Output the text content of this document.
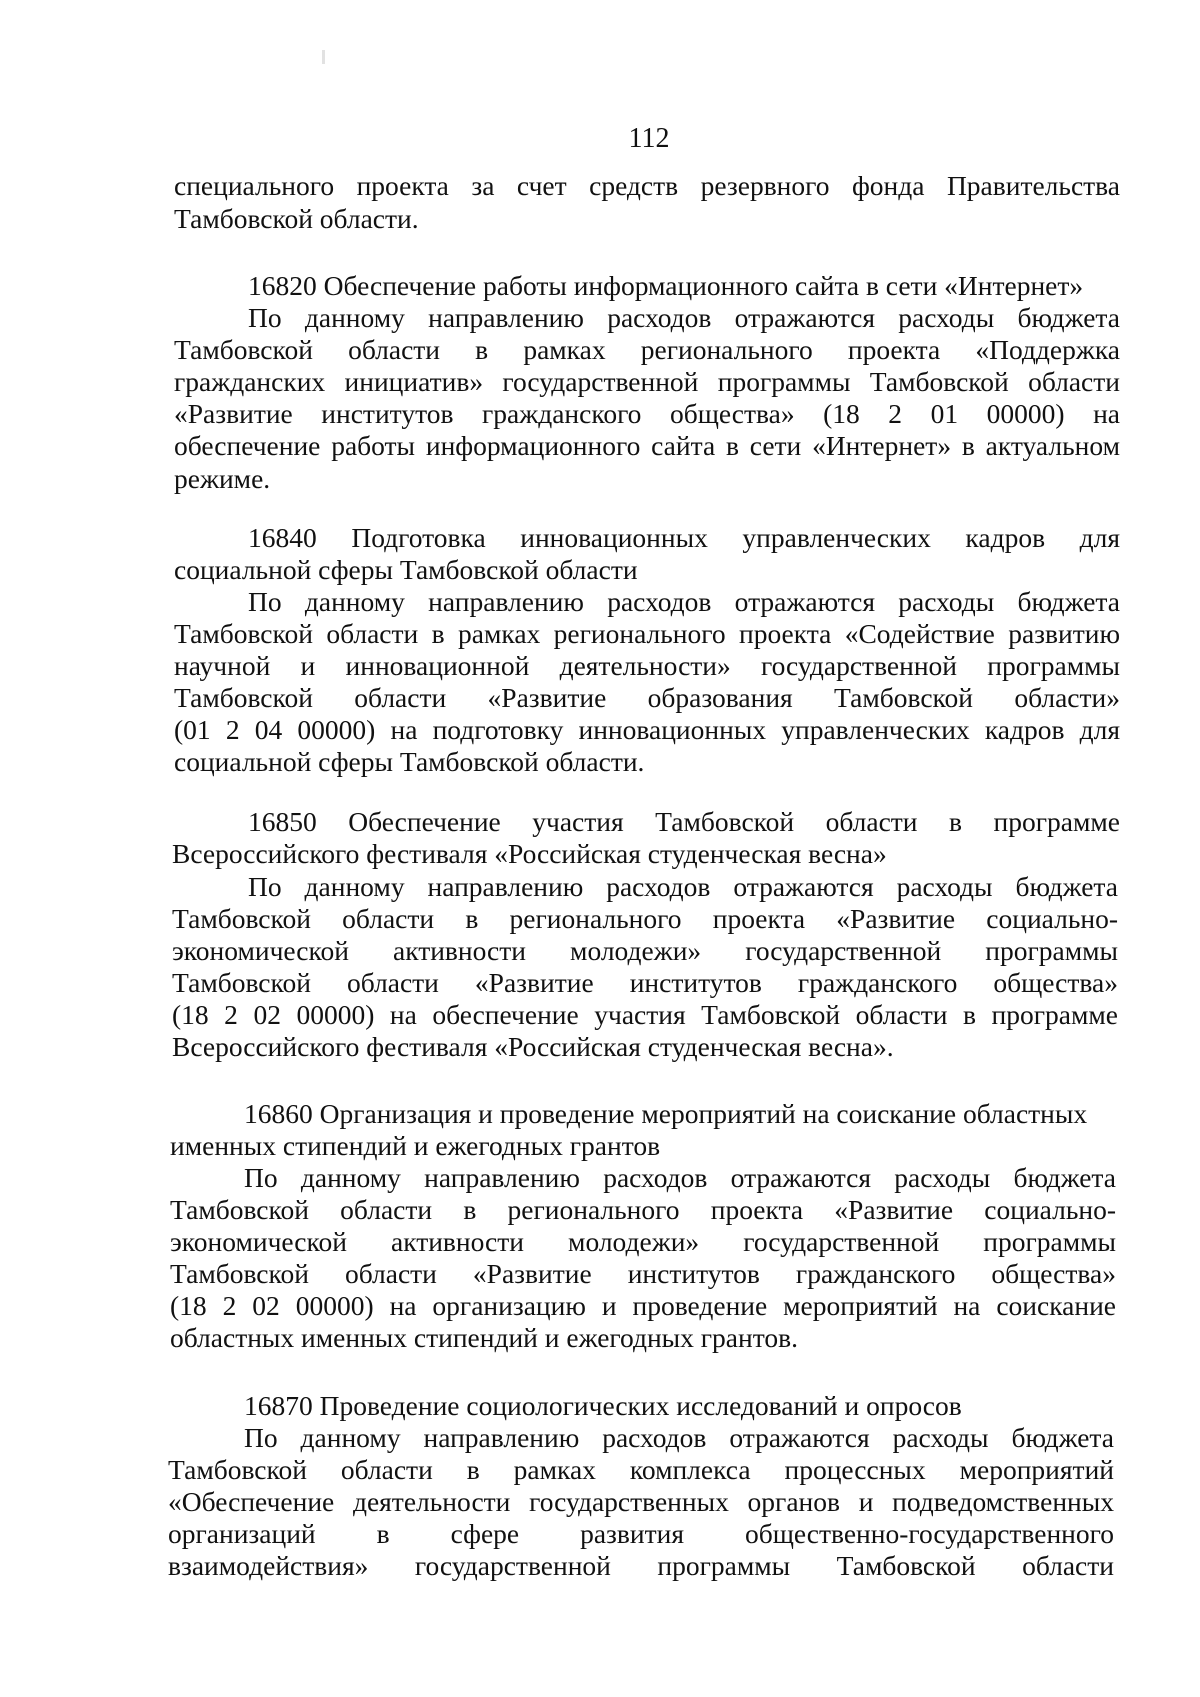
112
специального проекта за счет средств резервного фонда Правительства
Тамбовской области.
16820 Обеспечение работы информационного сайта в сети «Интернет»
По данному направлению расходов отражаются расходы бюджета
Тамбовской области в рамках регионального проекта «Поддержка
гражданских инициатив» государственной программы Тамбовской области
«Развитие институтов гражданского общества» (18 2 01 00000) на
обеспечение работы информационного сайта в сети «Интернет» в актуальном
режиме.
16840 Подготовка инновационных управленческих кадров для
социальной сферы Тамбовской области
По данному направлению расходов отражаются расходы бюджета
Тамбовской области в рамках регионального проекта «Содействие развитию
научной и инновационной деятельности» государственной программы
Тамбовской области «Развитие образования Тамбовской области»
(01 2 04 00000) на подготовку инновационных управленческих кадров для
социальной сферы Тамбовской области.
16850 Обеспечение участия Тамбовской области в программе
Всероссийского фестиваля «Российская студенческая весна»
По данному направлению расходов отражаются расходы бюджета
Тамбовской области в регионального проекта «Развитие социально-
экономической активности молодежи» государственной программы
Тамбовской области «Развитие институтов гражданского общества»
(18 2 02 00000) на обеспечение участия Тамбовской области в программе
Всероссийского фестиваля «Российская студенческая весна».
16860 Организация и проведение мероприятий на соискание областных
именных стипендий и ежегодных грантов
По данному направлению расходов отражаются расходы бюджета
Тамбовской области в регионального проекта «Развитие социально-
экономической активности молодежи» государственной программы
Тамбовской области «Развитие институтов гражданского общества»
(18 2 02 00000) на организацию и проведение мероприятий на соискание
областных именных стипендий и ежегодных грантов.
16870 Проведение социологических исследований и опросов
По данному направлению расходов отражаются расходы бюджета
Тамбовской области в рамках комплекса процессных мероприятий
«Обеспечение деятельности государственных органов и подведомственных
организаций в сфере развития общественно-государственного
взаимодействия» государственной программы Тамбовской области
